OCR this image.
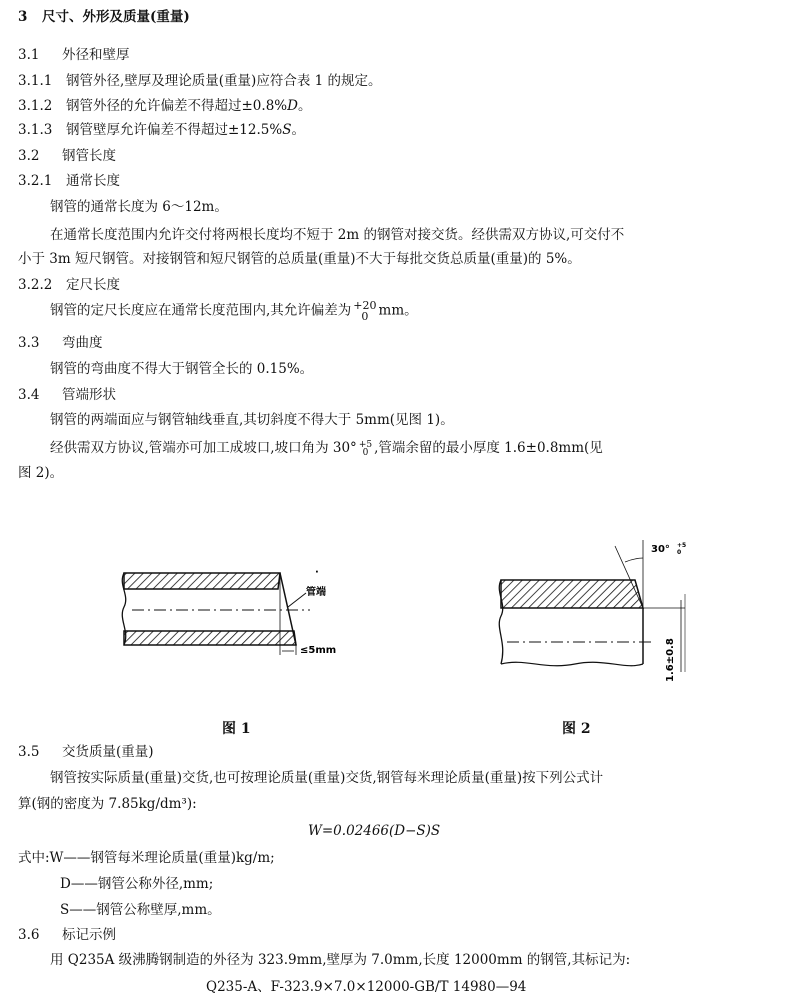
3 尺寸、外形及质量(重量)
3.1 外径和壁厚
3.1.1 钢管外径,壁厚及理论质量(重量)应符合表 1 的规定。
3.1.2 钢管外径的允许偏差不得超过±0.8%D。
3.1.3 钢管壁厚允许偏差不得超过±12.5%S。
3.2 钢管长度
3.2.1 通常长度
钢管的通常长度为 6～12m。
在通常长度范围内允许交付将两根长度均不短于 2m 的钢管对接交货。经供需双方协议,可交付不
小于 3m 短尺钢管。对接钢管和短尺钢管的总质量(重量)不大于每批交货总质量(重量)的 5%。
3.2.2 定尺长度
钢管的定尺长度应在通常长度范围内,其允许偏差为 +20
0 mm。
3.3 弯曲度
钢管的弯曲度不得大于钢管全长的 0.15%。
3.4 管端形状
钢管的两端面应与钢管轴线垂直,其切斜度不得大于 5mm(见图 1)。
经供需双方协议,管端亦可加工成坡口,坡口角为 30° +5
0 ,管端余留的最小厚度 1.6±0.8mm(见
图 2)。
管端
≤5mm
·
图 1
30° +5
0
1.6±0.8
图 2
3.5 交货质量(重量)
钢管按实际质量(重量)交货,也可按理论质量(重量)交货,钢管每米理论质量(重量)按下列公式计
算(钢的密度为 7.85kg/dm³):
W=0.02466(D−S)S
式中:W——钢管每米理论质量(重量)kg/m;
D——钢管公称外径,mm;
S——钢管公称壁厚,mm。
3.6 标记示例
用 Q235A 级沸腾钢制造的外径为 323.9mm,壁厚为 7.0mm,长度 12000mm 的钢管,其标记为:
Q235-A、F-323.9×7.0×12000-GB/T 14980—94
